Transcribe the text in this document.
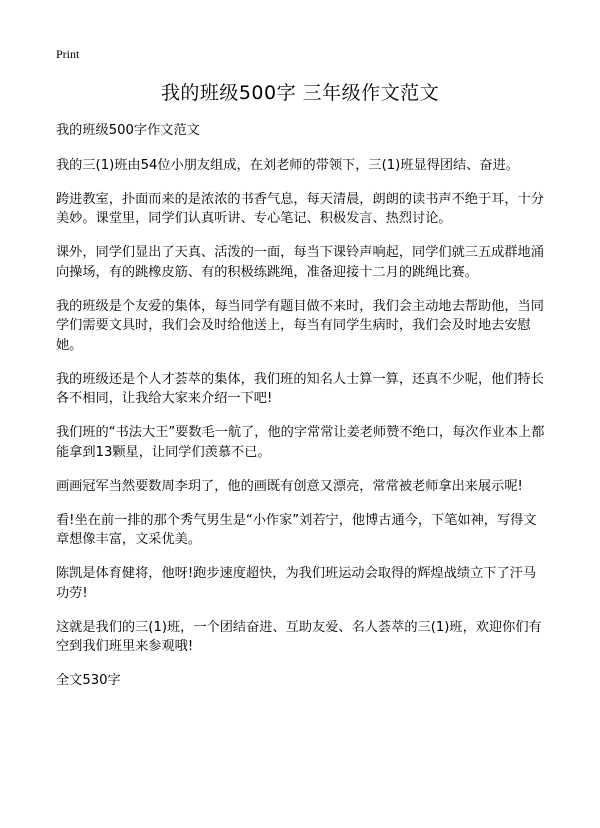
Print
我的班级500字 三年级作文范文

我的班级500字作文范文

我的三(1)班由54位小朋友组成，在刘老师的带领下，三(1)班显得团结、奋进。

跨进教室，扑面而来的是浓浓的书香气息，每天清晨，朗朗的读书声不绝于耳，十分美妙。课堂里，同学们认真听讲、专心笔记、积极发言、热烈讨论。

课外，同学们显出了天真、活泼的一面，每当下课铃声响起，同学们就三五成群地涌向操场，有的跳橡皮筋、有的积极练跳绳，准备迎接十二月的跳绳比赛。

我的班级是个友爱的集体，每当同学有题目做不来时，我们会主动地去帮助他，当同学们需要文具时，我们会及时给他送上，每当有同学生病时，我们会及时地去安慰她。

我的班级还是个人才荟萃的集体，我们班的知名人士算一算，还真不少呢，他们特长各不相同，让我给大家来介绍一下吧!

我们班的“书法大王”要数毛一航了，他的字常常让姜老师赞不绝口，每次作业本上都能拿到13颗星，让同学们羡慕不已。

画画冠军当然要数周李玥了，他的画既有创意又漂亮，常常被老师拿出来展示呢!

看!坐在前一排的那个秀气男生是“小作家”刘若宁，他博古通今，下笔如神，写得文章想像丰富，文采优美。

陈凯是体育健将，他呀!跑步速度超快，为我们班运动会取得的辉煌战绩立下了汗马功劳!

这就是我们的三(1)班，一个团结奋进、互助友爱、名人荟萃的三(1)班，欢迎你们有空到我们班里来参观哦!

全文530字
